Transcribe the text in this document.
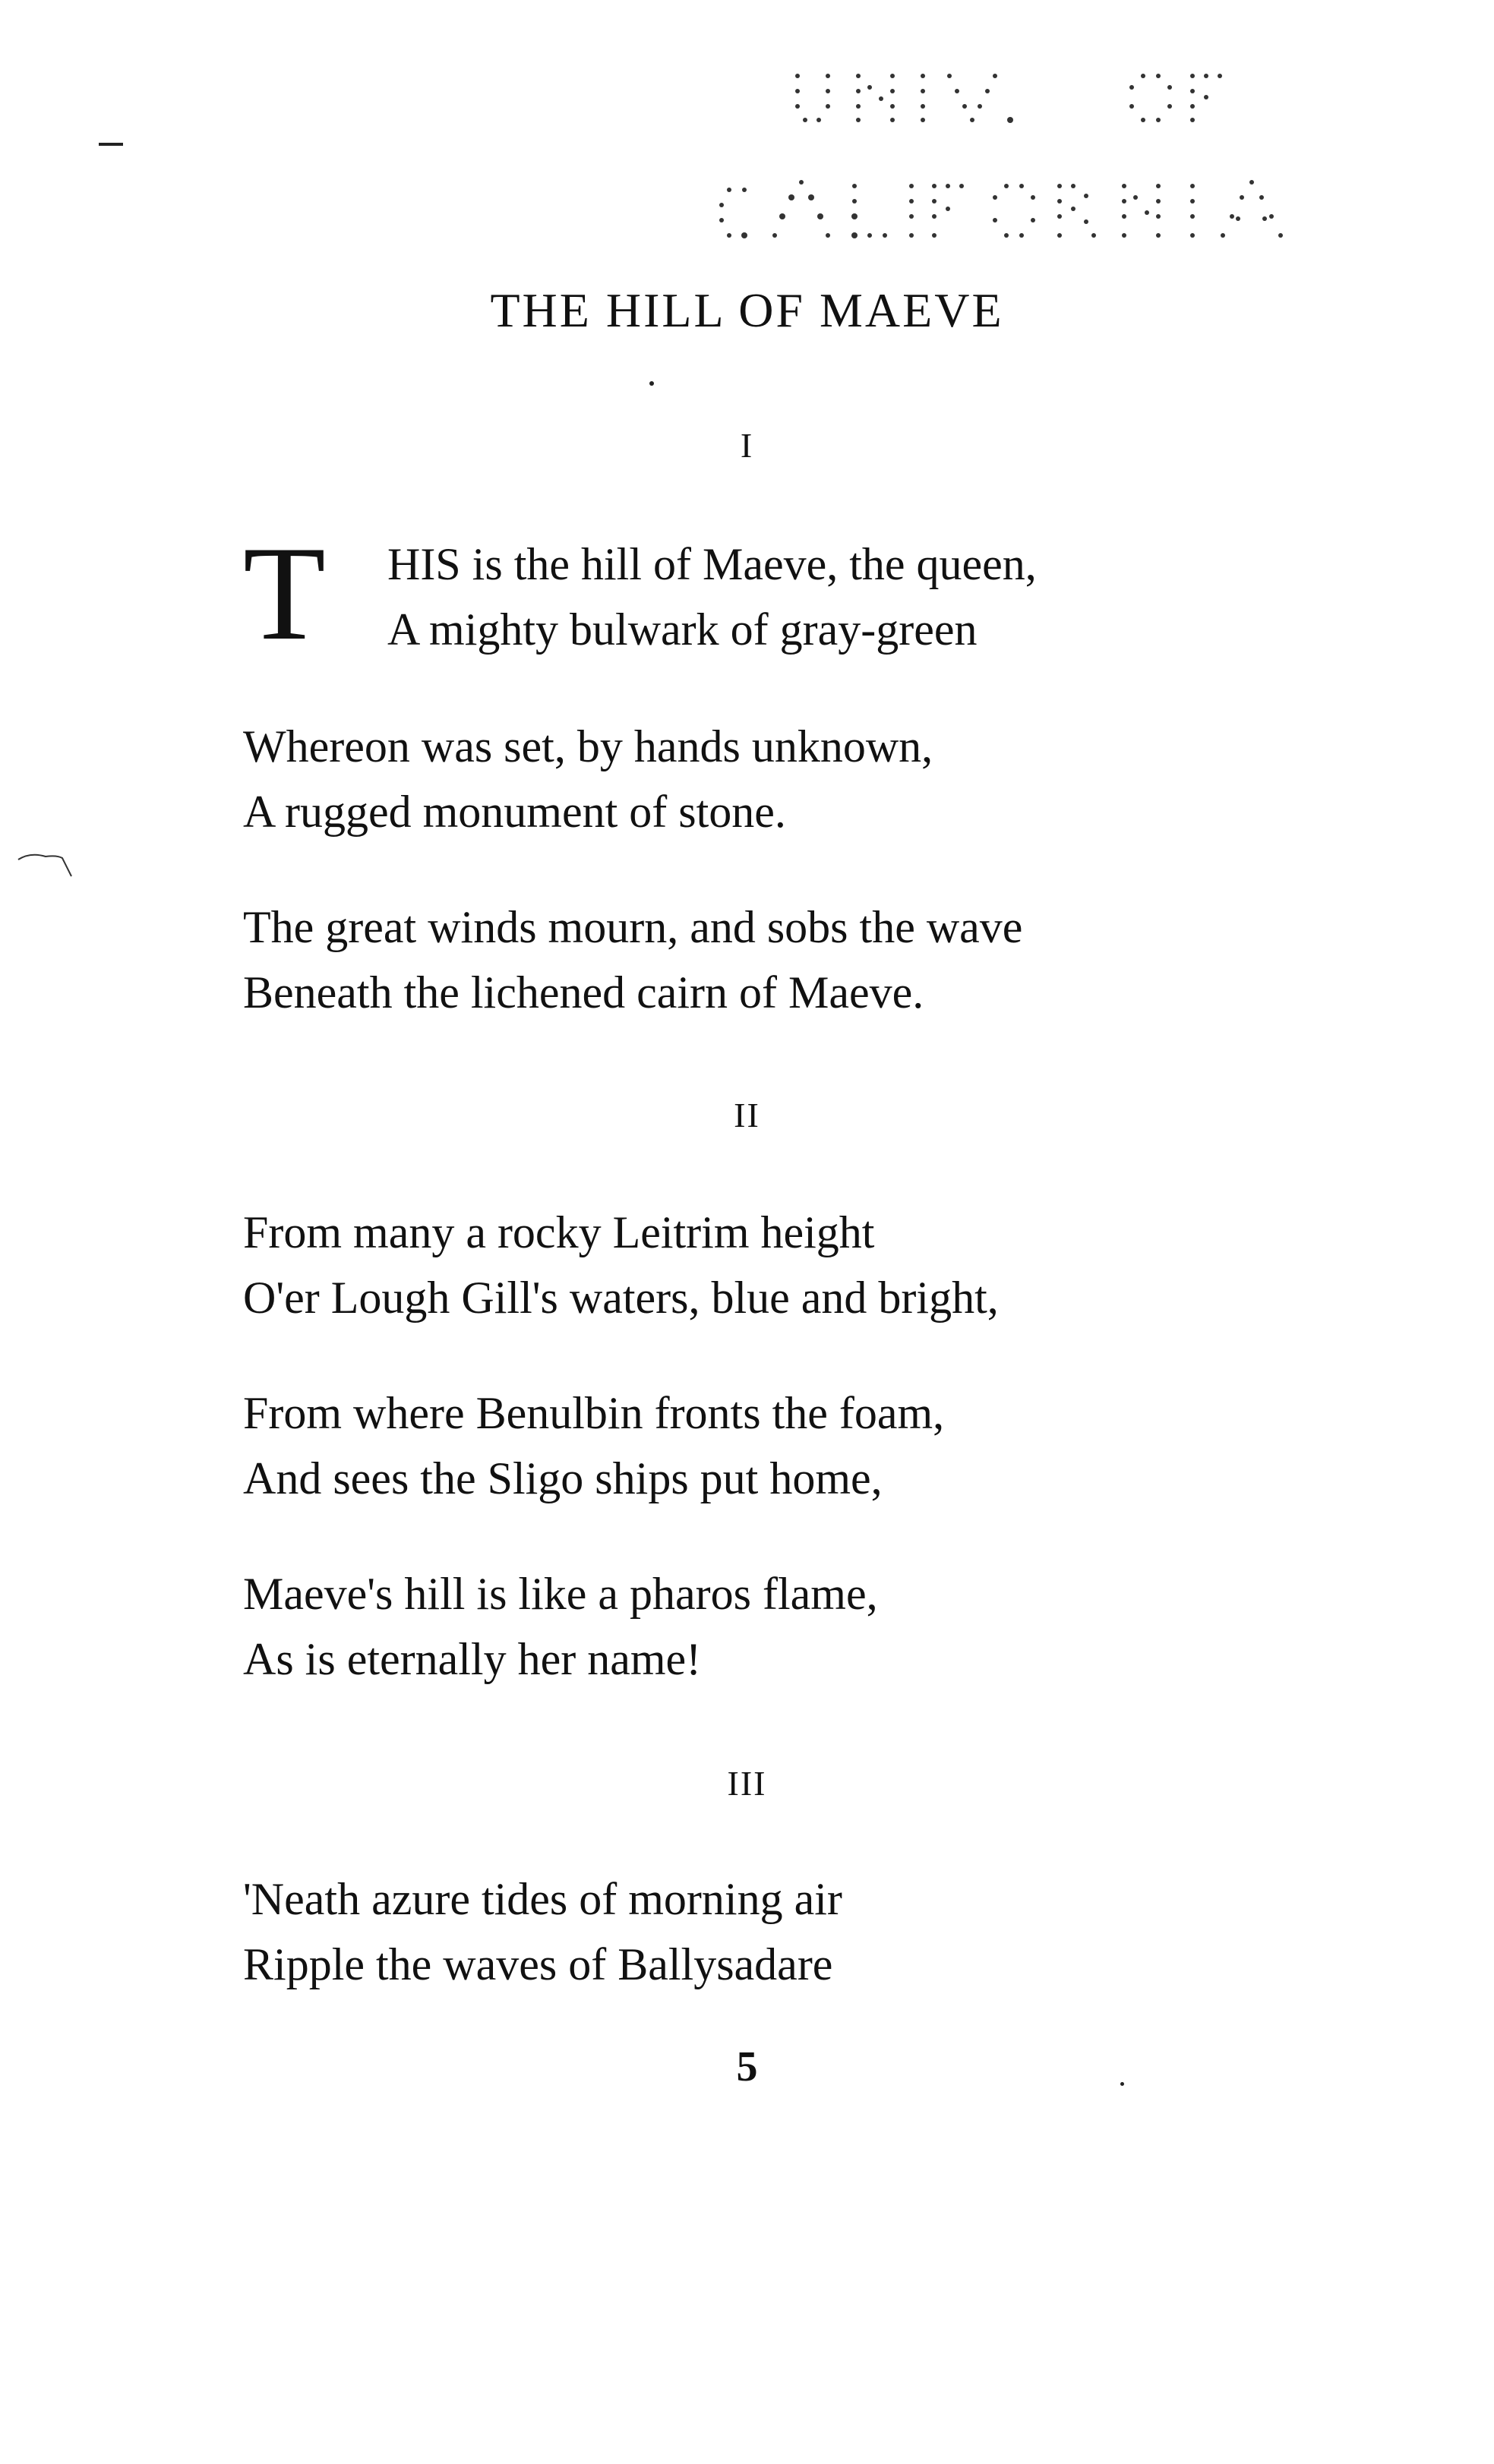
THE HILL OF MAEVE
I
T	HIS is the hill of Maeve, the queen,
A mighty bulwark of gray-green
Whereon was set, by hands unknown,
A rugged monument of stone.
The great winds mourn, and sobs the wave
Beneath the lichened cairn of Maeve.
II
From many a rocky Leitrim height
O'er Lough Gill's waters, blue and bright,
From where Benulbin fronts the foam,
And sees the Sligo ships put home,
Maeve's hill is like a pharos flame,
As is eternally her name!
III
'Neath azure tides of morning air
Ripple the waves of Ballysadare
5
